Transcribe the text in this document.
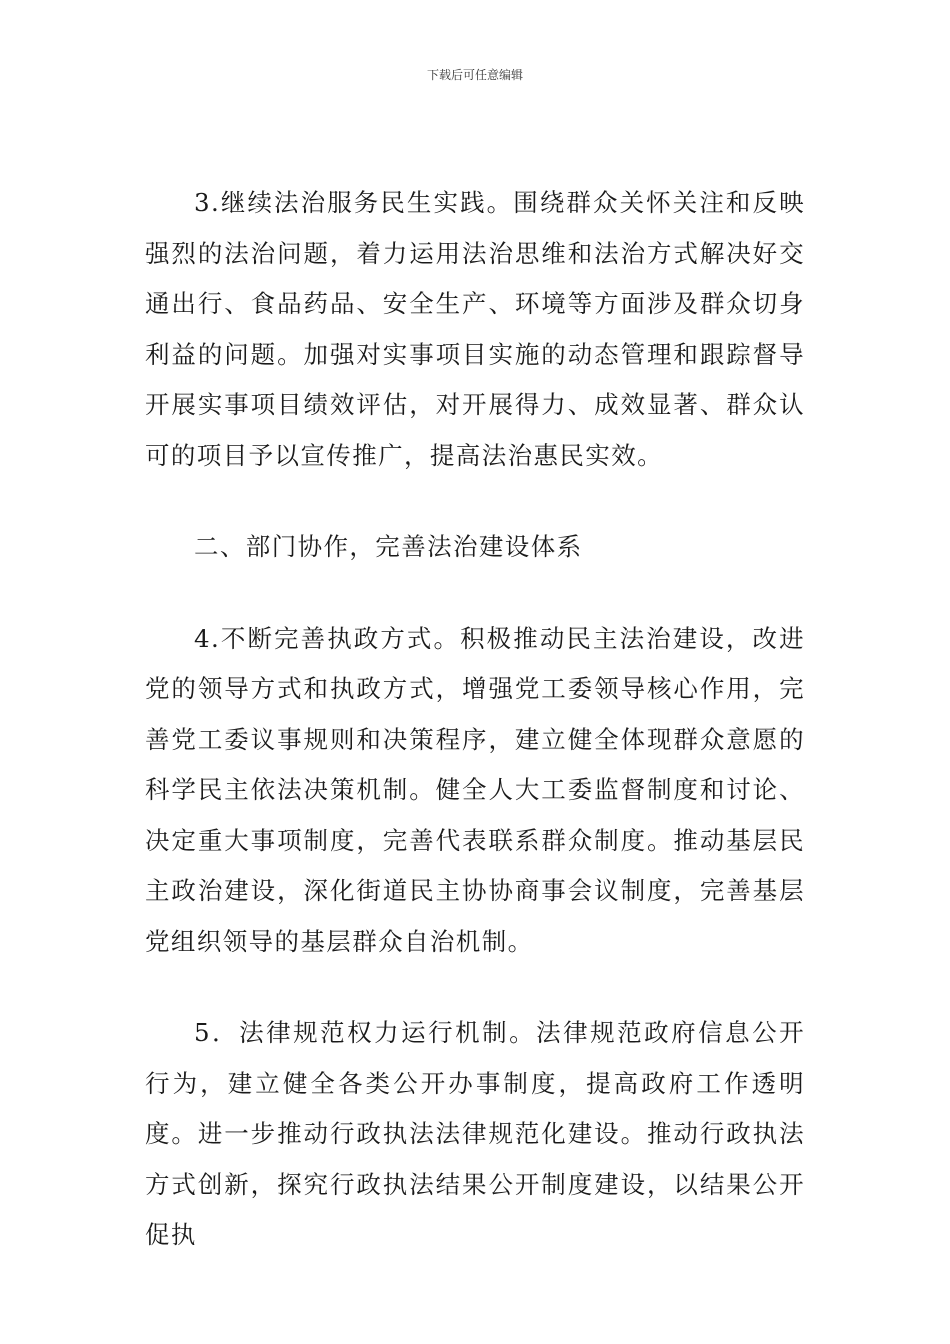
下载后可任意编辑

3.继续法治服务民生实践。围绕群众关怀关注和反映强烈的法治问题，着力运用法治思维和法治方式解决好交通出行、食品药品、安全生产、环境等方面涉及群众切身利益的问题。加强对实事项目实施的动态管理和跟踪督导开展实事项目绩效评估，对开展得力、成效显著、群众认可的项目予以宣传推广，提高法治惠民实效。

二、部门协作，完善法治建设体系

4.不断完善执政方式。积极推动民主法治建设，改进党的领导方式和执政方式，增强党工委领导核心作用，完善党工委议事规则和决策程序，建立健全体现群众意愿的科学民主依法决策机制。健全人大工委监督制度和讨论、决定重大事项制度，完善代表联系群众制度。推动基层民主政治建设，深化街道民主协协商事会议制度，完善基层党组织领导的基层群众自治机制。

5．法律规范权力运行机制。法律规范政府信息公开行为，建立健全各类公开办事制度，提高政府工作透明度。进一步推动行政执法法律规范化建设。推动行政执法方式创新，探究行政执法结果公开制度建设，以结果公开促执
